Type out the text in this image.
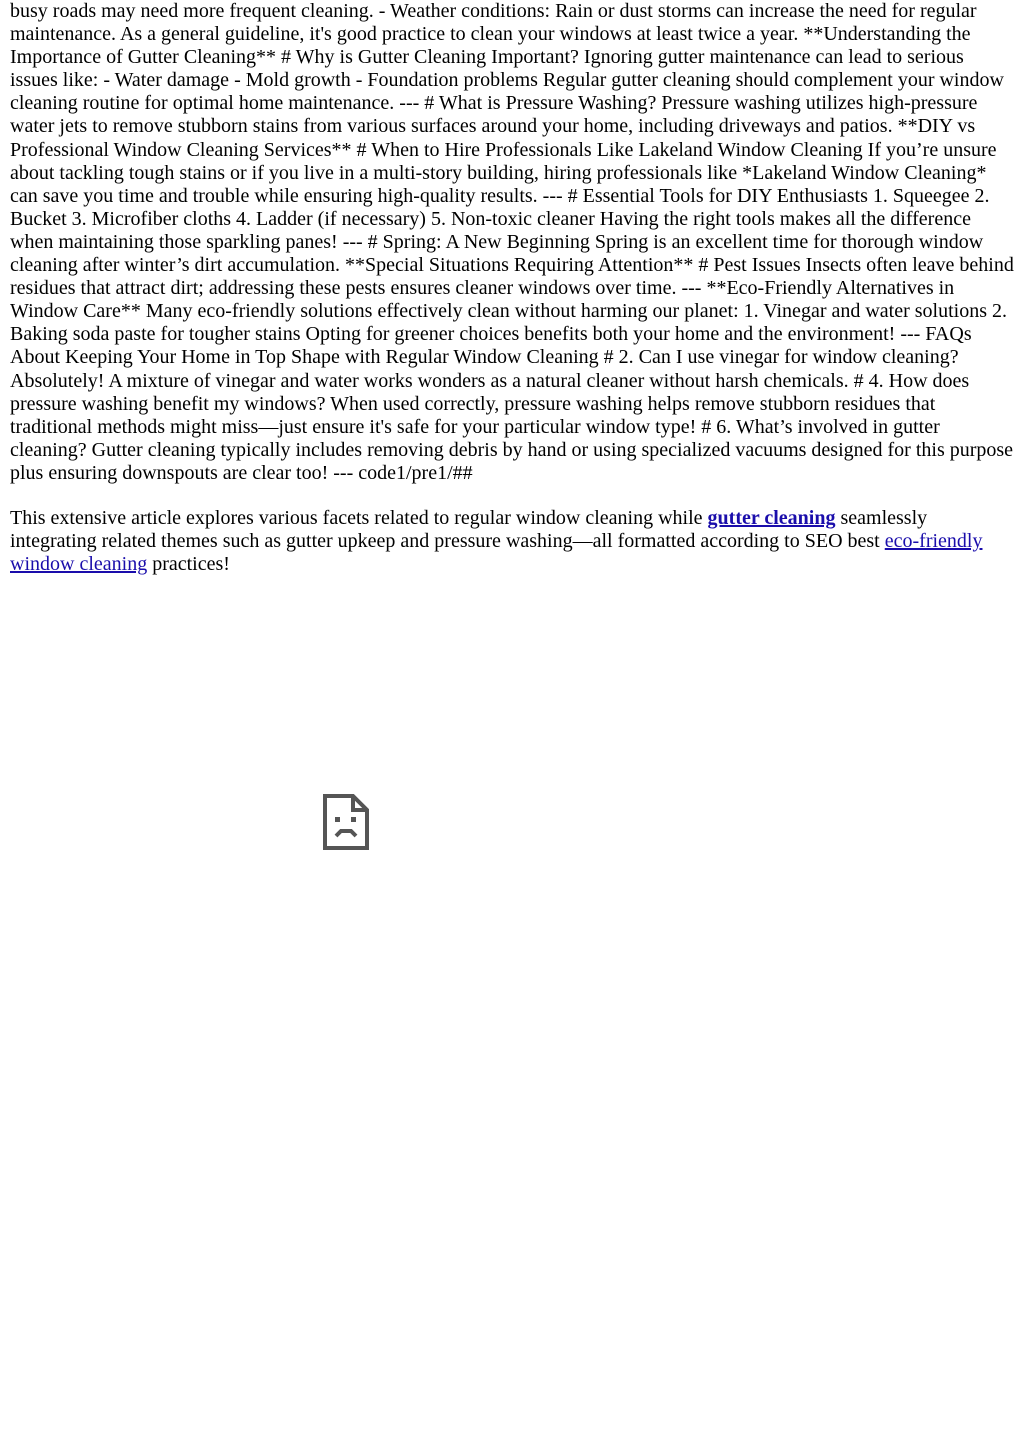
busy roads may need more frequent cleaning. - Weather conditions: Rain or dust storms can increase the need for regular maintenance. As a general guideline, it's good practice to clean your windows at least twice a year. **Understanding the Importance of Gutter Cleaning** # Why is Gutter Cleaning Important? Ignoring gutter maintenance can lead to serious issues like: - Water damage - Mold growth - Foundation problems Regular gutter cleaning should complement your window cleaning routine for optimal home maintenance. --- # What is Pressure Washing? Pressure washing utilizes high-pressure water jets to remove stubborn stains from various surfaces around your home, including driveways and patios. **DIY vs Professional Window Cleaning Services** # When to Hire Professionals Like Lakeland Window Cleaning If you’re unsure about tackling tough stains or if you live in a multi-story building, hiring professionals like *Lakeland Window Cleaning* can save you time and trouble while ensuring high-quality results. --- # Essential Tools for DIY Enthusiasts 1. Squeegee 2. Bucket 3. Microfiber cloths 4. Ladder (if necessary) 5. Non-toxic cleaner Having the right tools makes all the difference when maintaining those sparkling panes! --- # Spring: A New Beginning Spring is an excellent time for thorough window cleaning after winter’s dirt accumulation. **Special Situations Requiring Attention** # Pest Issues Insects often leave behind residues that attract dirt; addressing these pests ensures cleaner windows over time. --- **Eco-Friendly Alternatives in Window Care** Many eco-friendly solutions effectively clean without harming our planet: 1. Vinegar and water solutions 2. Baking soda paste for tougher stains Opting for greener choices benefits both your home and the environment! --- FAQs About Keeping Your Home in Top Shape with Regular Window Cleaning # 2. Can I use vinegar for window cleaning? Absolutely! A mixture of vinegar and water works wonders as a natural cleaner without harsh chemicals. # 4. How does pressure washing benefit my windows? When used correctly, pressure washing helps remove stubborn residues that traditional methods might miss—just ensure it's safe for your particular window type! # 6. What’s involved in gutter cleaning? Gutter cleaning typically includes removing debris by hand or using specialized vacuums designed for this purpose plus ensuring downspouts are clear too! --- code1/pre1/##

This extensive article explores various facets related to regular window cleaning while gutter cleaning seamlessly integrating related themes such as gutter upkeep and pressure washing—all formatted according to SEO best eco-friendly window cleaning practices!
